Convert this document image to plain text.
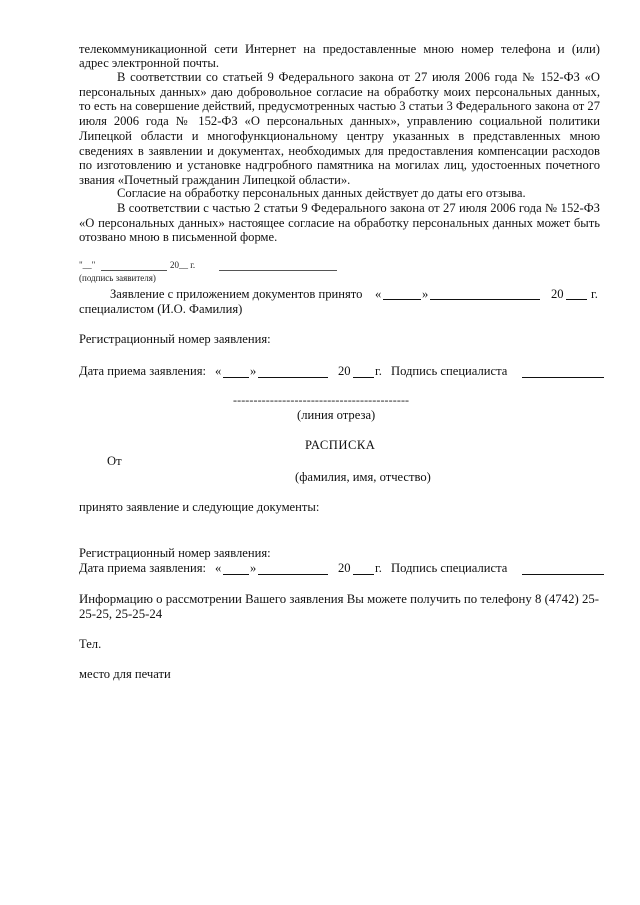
телекоммуникационной сети Интернет на предоставленные мною номер телефона и (или)
адрес электронной почты.
В соответствии со статьей 9 Федерального закона от 27 июля 2006 года № 152-ФЗ «О персональных данных» даю добровольное согласие на обработку моих персональных данных, то есть на совершение действий, предусмотренных частью 3 статьи 3 Федерального закона от 27 июля 2006 года № 152-ФЗ «О персональных данных», управлению социальной политики Липецкой области и многофункциональному центру указанных в представленных мною сведениях в заявлении и документах, необходимых для предоставления компенсации расходов по изготовлению и установке надгробного памятника на могилах лиц, удостоенных почетного звания «Почетный гражданин Липецкой области».
Согласие на обработку персональных данных действует до даты его отзыва.
В соответствии с частью 2 статьи 9 Федерального закона от 27 июля 2006 года № 152-ФЗ «О персональных данных» настоящее согласие на обработку персональных данных может быть отозвано мною в письменной форме.
"__"	20__ г.
(подпись заявителя)
Заявление с приложением документов принято «	»	20 г.
специалистом (И.О. Фамилия)
Регистрационный номер заявления:
Дата приема заявления: « »	20 г. Подпись специалиста
-------------------------------------------
(линия отреза)
РАСПИСКА
От
(фамилия, имя, отчество)
принято заявление и следующие документы:
Регистрационный номер заявления:
Дата приема заявления: « »	20 г. Подпись специалиста
Информацию о рассмотрении Вашего заявления Вы можете получить по телефону 8 (4742) 25-25-25, 25-25-24
Тел.
место для печати
